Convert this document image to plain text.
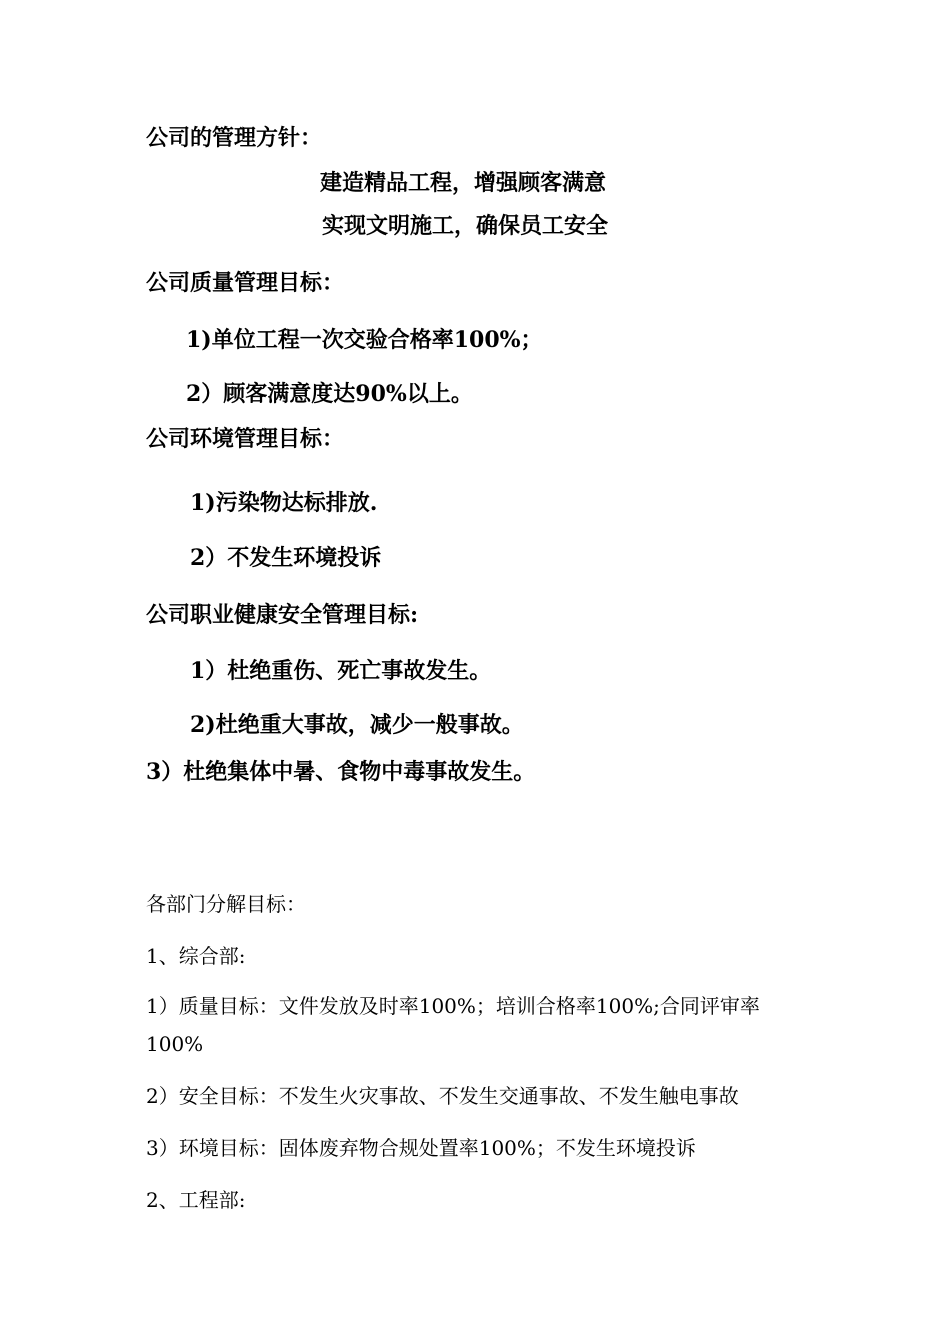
公司的管理方针：
建造精品工程，增强顾客满意
实现文明施工，确保员工安全
公司质量管理目标：
1)单位工程一次交验合格率100%；
2）顾客满意度达90%以上。
公司环境管理目标：
1)污染物达标排放.
2）不发生环境投诉
公司职业健康安全管理目标:
1）杜绝重伤、死亡事故发生。
2)杜绝重大事故，减少一般事故。
3）杜绝集体中暑、食物中毒事故发生。
各部门分解目标：
1、综合部:
1）质量目标：文件发放及时率100%；培训合格率100%;合同评审率
100%
2）安全目标：不发生火灾事故、不发生交通事故、不发生触电事故
3）环境目标：固体废弃物合规处置率100%；不发生环境投诉
2、工程部:
